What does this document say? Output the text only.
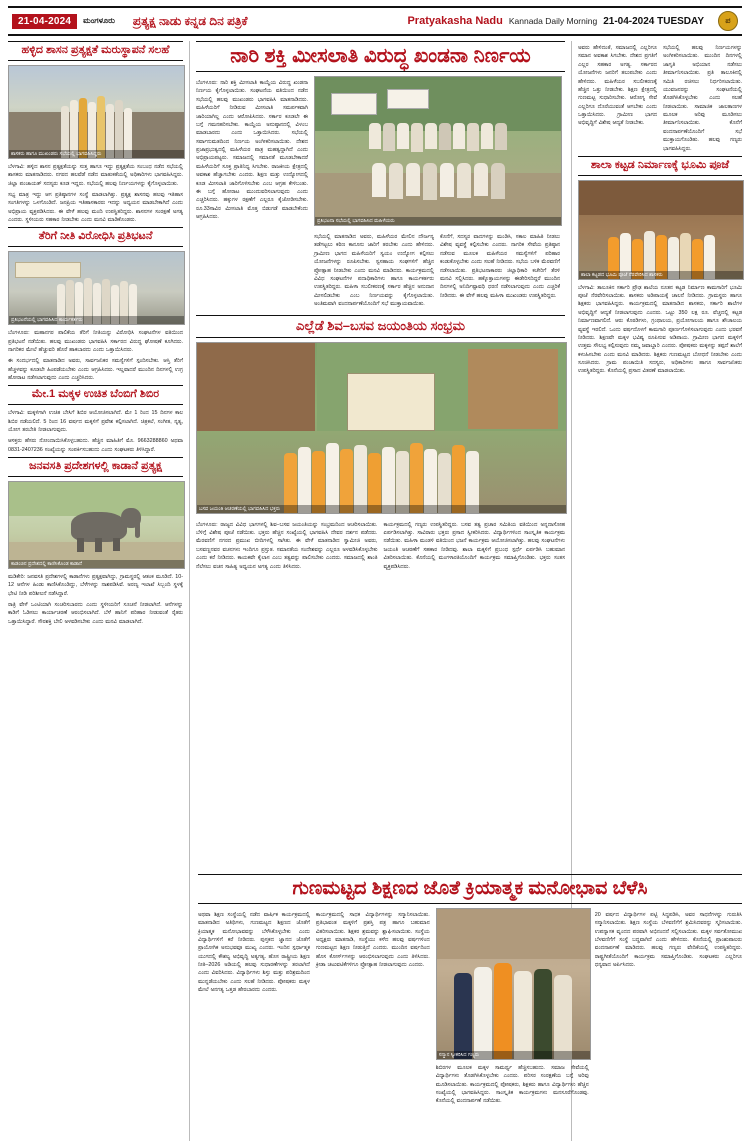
21-04-2024	ಮಂಗಳೂರು ಪ್ರತ್ಯಕ್ಷ ನಾಡು ಕನ್ನಡ ದಿನ ಪತ್ರಿಕೆ	Pratyakasha Nadu Kannada Daily Morning 21-04-2024 TUESDAY	ಪ
ಹಳ್ಳಿದ ಶಾಸನ ಪ್ರತ್ಯಕ್ಷತೆ ಮರುಸ್ಥಾಪನೆ ಸಲಹೆ
ಶಾಸಕರು ಹಾಗೂ ಮುಖಂಡರು ಸಭೆಯಲ್ಲಿ ಭಾಗವಹಿಸಿದ್ದರು
ಬೆಳಗಾವಿ: ಹಳ್ಳಿದ ಶಾಸನ ಪ್ರತ್ಯಕ್ಷತೆಯನ್ನು ಸುತ್ತ ಹಾಗೂ ಇದ್ದು ಪ್ರತ್ಯಕ್ಷತೆಯ ಸಂಬಂಧ ನಡೆದ ಸಭೆಯಲ್ಲಿ ಶಾಸಕರು ಮಾತನಾಡಿದರು. ನಗರದ ಹಲವೆಡೆ ನಡೆದ ಮಾತುಕತೆಯಲ್ಲಿ ಅಧಿಕಾರಿಗಳು ಭಾಗವಹಿಸಿದ್ದರು. ಜಿಲ್ಲಾ ಪಂಚಾಯತ್ ಸದಸ್ಯರು ಕೂಡ ಇದ್ದರು. ಸಭೆಯಲ್ಲಿ ಹಲವು ನಿರ್ಣಯಗಳನ್ನು ಕೈಗೊಳ್ಳಲಾಯಿತು.
ಸಭ್ಯ ಮಾತ್ರ ಇದ್ದು ಆಗ ಪ್ರತಿಷ್ಠಾನಗಳ ಸಂಸ್ಥೆ ಮಾಡಲಾಗಿತ್ತು. ಪ್ರತ್ಯಕ್ಷ ಶಾಸನವು ಹಲವು ಇತಿಹಾಸ ಸಂಗತಿಗಳನ್ನು ಒಳಗೊಂಡಿದೆ. ಜನಪ್ರಿಯ ಇತಿಹಾಸಕಾರರು ಇದನ್ನು ಅಧ್ಯಯನ ಮಾಡಬೇಕಾಗಿದೆ ಎಂದು ಅಭಿಪ್ರಾಯ ವ್ಯಕ್ತಪಡಿಸಿದರು. ಈ ವೇಳೆ ಹಲವು ಮಂದಿ ಉಪಸ್ಥಿತರಿದ್ದರು. ಶಾಸನಗಳ ಸಂರಕ್ಷಣೆ ಅಗತ್ಯ ಎಂದರು. ಸ್ಥಳೀಯರು ಸಹಕಾರ ನೀಡಬೇಕು ಎಂದು ಮನವಿ ಮಾಡಿಕೊಂಡರು.
ತೆರಿಗೆ ನೀತಿ ವಿರೋಧಿಸಿ ಪ್ರತಿಭಟನೆ
ಪ್ರತಿಭಟನೆಯಲ್ಲಿ ಭಾಗವಹಿಸಿದ ಕಾರ್ಯಕರ್ತರು
ಬೆಂಗಳೂರು: ಮಹಾನಗರ ಪಾಲಿಕೆಯ ತೆರಿಗೆ ನೀತಿಯನ್ನು ವಿರೋಧಿಸಿ ಸಂಘಟನೆಗಳ ವತಿಯಿಂದ ಪ್ರತಿಭಟನೆ ನಡೆಯಿತು. ಹಲವು ಮುಖಂಡರು ಭಾಗವಹಿಸಿ ಸರ್ಕಾರದ ವಿರುದ್ಧ ಘೋಷಣೆ ಕೂಗಿದರು. ನಾಗರಿಕರ ಮೇಲೆ ಹೆಚ್ಚುವರಿ ಹೊರೆ ಹಾಕಬಾರದು ಎಂದು ಒತ್ತಾಯಿಸಿದರು.
ಈ ಸಂದರ್ಭದಲ್ಲಿ ಮಾತನಾಡಿದ ಅವರು, ಸಾರ್ವಜನಿಕರ ಸಮಸ್ಯೆಗಳಿಗೆ ಸ್ಪಂದಿಸಬೇಕು. ಆಸ್ತಿ ತೆರಿಗೆ ಹೆಚ್ಚಳವನ್ನು ಕೂಡಲೇ ಹಿಂಪಡೆಯಬೇಕು ಎಂದು ಆಗ್ರಹಿಸಿದರು. ಇಲ್ಲವಾದರೆ ಮುಂದಿನ ದಿನಗಳಲ್ಲಿ ಉಗ್ರ ಹೋರಾಟ ನಡೆಸಲಾಗುವುದು ಎಂದು ಎಚ್ಚರಿಸಿದರು.
ಮೇ.1 ಮಕ್ಕಳ ಉಚಿತ ಬೆಂಬಿಗೆ ಶಿಬಿರ
ಬೆಳಗಾವಿ: ಮಕ್ಕಳಿಗಾಗಿ ಉಚಿತ ಬೇಸಿಗೆ ಶಿಬಿರ ಆಯೋಜಿಸಲಾಗಿದೆ. ಮೇ 1 ರಿಂದ 15 ದಿನಗಳ ಕಾಲ ಶಿಬಿರ ನಡೆಯಲಿದೆ. 5 ರಿಂದ 16 ವರ್ಷದ ಮಕ್ಕಳಿಗೆ ಪ್ರವೇಶ ಕಲ್ಪಿಸಲಾಗಿದೆ. ಚಿತ್ರಕಲೆ, ಸಂಗೀತ, ನೃತ್ಯ, ಯೋಗ ತರಬೇತಿ ನೀಡಲಾಗುವುದು.
ಆಸಕ್ತರು ಹೆಸರು ನೋಂದಾಯಿಸಿಕೊಳ್ಳಬಹುದು. ಹೆಚ್ಚಿನ ಮಾಹಿತಿಗೆ ಮೊ. 9663288860 ಅಥವಾ 0831-2407236 ಸಂಖ್ಯೆಯನ್ನು ಸಂಪರ್ಕಿಸಬಹುದು ಎಂದು ಸಂಘಟಕರು ತಿಳಿಸಿದ್ದಾರೆ.
ಜನವಸತಿ ಪ್ರದೇಶಗಳಲ್ಲಿ ಕಾಡಾನೆ ಪ್ರತ್ಯಕ್ಷ
ಕಾಡಂಚಿನ ಪ್ರದೇಶದಲ್ಲಿ ಕಾಣಿಸಿಕೊಂಡ ಕಾಡಾನೆ
ಮಡಿಕೇರಿ: ಜನವಸತಿ ಪ್ರದೇಶಗಳಲ್ಲಿ ಕಾಡಾನೆಗಳು ಪ್ರತ್ಯಕ್ಷವಾಗಿದ್ದು, ಗ್ರಾಮಸ್ಥರಲ್ಲಿ ಆತಂಕ ಮೂಡಿದೆ. 10-12 ಆನೆಗಳ ಹಿಂಡು ಕಾಣಿಸಿಕೊಂಡಿದ್ದು, ಬೆಳೆಗಳನ್ನು ನಾಶಪಡಿಸಿವೆ. ಅರಣ್ಯ ಇಲಾಖೆ ಸಿಬ್ಬಂದಿ ಸ್ಥಳಕ್ಕೆ ಭೇಟಿ ನೀಡಿ ಪರಿಶೀಲನೆ ನಡೆಸಿದ್ದಾರೆ.
ರಾತ್ರಿ ವೇಳೆ ಒಂಟಿಯಾಗಿ ಸಂಚರಿಸಬಾರದು ಎಂದು ಸ್ಥಳೀಯರಿಗೆ ಸೂಚನೆ ನೀಡಲಾಗಿದೆ. ಆನೆಗಳನ್ನು ಕಾಡಿಗೆ ಓಡಿಸಲು ಕಾರ್ಯಾಚರಣೆ ಆರಂಭಿಸಲಾಗಿದೆ. ಬೆಳೆ ಹಾನಿಗೆ ಪರಿಹಾರ ನೀಡುವಂತೆ ರೈತರು ಒತ್ತಾಯಿಸಿದ್ದಾರೆ. ಸೌರಶಕ್ತಿ ಬೇಲಿ ಅಳವಡಿಸಬೇಕು ಎಂದು ಮನವಿ ಮಾಡಲಾಗಿದೆ.
ನಾರಿ ಶಕ್ತಿ ಮೀಸಲಾತಿ ವಿರುದ್ಧ ಖಂಡನಾ ನಿರ್ಣಯ
ಬೆಂಗಳೂರು: ನಾರಿ ಶಕ್ತಿ ಮೀಸಲಾತಿ ಕಾಯ್ದೆಯ ವಿರುದ್ಧ ಖಂಡನಾ ನಿರ್ಣಯ ಕೈಗೊಳ್ಳಲಾಯಿತು. ಸಂಘಟನೆಯ ವತಿಯಿಂದ ನಡೆದ ಸಭೆಯಲ್ಲಿ ಹಲವು ಮುಖಂಡರು ಭಾಗವಹಿಸಿ ಮಾತನಾಡಿದರು. ಮಹಿಳೆಯರಿಗೆ ನೀಡಿರುವ ಮೀಸಲಾತಿ ಸಮರ್ಪಕವಾಗಿ ಜಾರಿಯಾಗಿಲ್ಲ ಎಂದು ಆರೋಪಿಸಿದರು. ಸರ್ಕಾರ ಕೂಡಲೇ ಈ ಬಗ್ಗೆ ಗಮನಹರಿಸಬೇಕು. ಕಾಯ್ದೆಯ ಅನುಷ್ಠಾನದಲ್ಲಿ ವಿಳಂಬ ಮಾಡಬಾರದು ಎಂದು ಒತ್ತಾಯಿಸಿದರು. ಸಭೆಯಲ್ಲಿ ಸರ್ವಾನುಮತದಿಂದ ನಿರ್ಣಯ ಅಂಗೀಕರಿಸಲಾಯಿತು. ದೇಶದ ಪ್ರಜಾಪ್ರಭುತ್ವದಲ್ಲಿ ಮಹಿಳೆಯರ ಪಾತ್ರ ಮಹತ್ವದ್ದಾಗಿದೆ ಎಂದು ಅಭಿಪ್ರಾಯಪಟ್ಟರು. ಸಮಾಜದಲ್ಲಿ ಸಮಾನತೆ ಮೂಡಬೇಕಾದರೆ ಮಹಿಳೆಯರಿಗೆ ಸೂಕ್ತ ಪ್ರಾತಿನಿಧ್ಯ ಸಿಗಬೇಕು. ರಾಜಕೀಯ ಕ್ಷೇತ್ರದಲ್ಲಿ ಅವಕಾಶ ಹೆಚ್ಚಾಗಬೇಕು ಎಂದರು. ಶಿಕ್ಷಣ ಮತ್ತು ಉದ್ಯೋಗದಲ್ಲಿ ಕೂಡ ಮೀಸಲಾತಿ ಜಾರಿಗೊಳಿಸಬೇಕು ಎಂಬ ಆಗ್ರಹ ಕೇಳಿಬಂತು. ಈ ಬಗ್ಗೆ ಹೋರಾಟ ಮುಂದುವರಿಸಲಾಗುವುದು ಎಂದು ಎಚ್ಚರಿಸಿದರು. ಹಕ್ಕುಗಳ ರಕ್ಷಣೆಗೆ ಎಲ್ಲರೂ ಕೈಜೋಡಿಸಬೇಕು. ರೂ.33ಸಾವಿರ ಮೀಸಲಾತಿ ಮೊತ್ತ ಬಿಡುಗಡೆ ಮಾಡಬೇಕೆಂದು ಆಗ್ರಹಿಸಿದರು.
ಪ್ರತಿಭಟನಾ ಸಭೆಯಲ್ಲಿ ಭಾಗವಹಿಸಿದ ಮಹಿಳೆಯರು
ಸಭೆಯಲ್ಲಿ ಮಾತನಾಡಿದ ಅವರು, ಮಹಿಳೆಯರ ಮೇಲಿನ ದೌರ್ಜನ್ಯ ತಡೆಗಟ್ಟಲು ಕಠಿಣ ಕಾನೂನು ಜಾರಿಗೆ ತರಬೇಕು ಎಂದು ಹೇಳಿದರು. ಗ್ರಾಮೀಣ ಭಾಗದ ಮಹಿಳೆಯರಿಗೆ ಸ್ವಯಂ ಉದ್ಯೋಗ ಕಲ್ಪಿಸಲು ಯೋಜನೆಗಳನ್ನು ರೂಪಿಸಬೇಕು. ಸ್ವಸಹಾಯ ಸಂಘಗಳಿಗೆ ಹೆಚ್ಚಿನ ಪ್ರೋತ್ಸಾಹ ನೀಡಬೇಕು ಎಂದು ಮನವಿ ಮಾಡಿದರು. ಕಾರ್ಯಕ್ರಮದಲ್ಲಿ ವಿವಿಧ ಸಂಘಟನೆಗಳ ಪದಾಧಿಕಾರಿಗಳು ಹಾಗೂ ಕಾರ್ಯಕರ್ತರು ಉಪಸ್ಥಿತರಿದ್ದರು. ಮಹಿಳಾ ಸಬಲೀಕರಣಕ್ಕೆ ಸರ್ಕಾರ ಹೆಚ್ಚಿನ ಅನುದಾನ ಮೀಸಲಿಡಬೇಕು ಎಂಬ ನಿರ್ಣಯವನ್ನು ಕೈಗೊಳ್ಳಲಾಯಿತು. ಅಂತಿಮವಾಗಿ ವಂದನಾರ್ಪಣೆಯೊಂದಿಗೆ ಸಭೆ ಮುಕ್ತಾಯವಾಯಿತು.
ಕೊನೆಗೆ, ಸದಸ್ಯರ ವಾದಗಳನ್ನು ಮಂಡಿಸಿ, ಸಕಾಲ ಮಾಹಿತಿ ನೀಡಲು ವಿಶೇಷ ವ್ಯವಸ್ಥೆ ಕಲ್ಪಿಸಬೇಕು ಎಂದರು. ನಾಗರಿಕ ಸೇವೆಯ ಪ್ರತಿಷ್ಠಾನ ನಡೆಸುವ ಮೂಲಕ ಮಹಿಳೆಯರ ಸಮಸ್ಯೆಗಳಿಗೆ ಪರಿಹಾರ ಕಂಡುಕೊಳ್ಳಬೇಕು ಎಂದು ಸಲಹೆ ನೀಡಿದರು. ಸಭೆಯ ಬಳಿಕ ಮೆರವಣಿಗೆ ನಡೆಸಲಾಯಿತು. ಪ್ರತಿಭಟನಾಕಾರರು ಜಿಲ್ಲಾಧಿಕಾರಿ ಕಚೇರಿಗೆ ತೆರಳಿ ಮನವಿ ಸಲ್ಲಿಸಿದರು. ಹಕ್ಕೊತ್ತಾಯಗಳನ್ನು ಈಡೇರಿಸದಿದ್ದರೆ ಮುಂದಿನ ದಿನಗಳಲ್ಲಿ ಅನಿರ್ದಿಷ್ಟಾವಧಿ ಧರಣಿ ನಡೆಸಲಾಗುವುದು ಎಂದು ಎಚ್ಚರಿಕೆ ನೀಡಿದರು. ಈ ವೇಳೆ ಹಲವು ಮಹಿಳಾ ಮುಖಂಡರು ಉಪಸ್ಥಿತರಿದ್ದರು.
ಎಲ್ಲೆಡೆ ಶಿವ–ಬಸವ ಜಯಂತಿಯ ಸಂಭ್ರಮ
ಬಸವ ಜಯಂತಿ ಆಚರಣೆಯಲ್ಲಿ ಭಾಗವಹಿಸಿದ ಭಕ್ತರು
ಬೆಂಗಳೂರು: ರಾಜ್ಯದ ವಿವಿಧ ಭಾಗಗಳಲ್ಲಿ ಶಿವ–ಬಸವ ಜಯಂತಿಯನ್ನು ಸಂಭ್ರಮದಿಂದ ಆಚರಿಸಲಾಯಿತು. ಬೆಳಿಗ್ಗೆ ವಿಶೇಷ ಪೂಜೆ ನಡೆಯಿತು. ಭಕ್ತರು ಹೆಚ್ಚಿನ ಸಂಖ್ಯೆಯಲ್ಲಿ ಭಾಗವಹಿಸಿ ದೇವರ ದರ್ಶನ ಪಡೆದರು. ಮೆರವಣಿಗೆ ನಗರದ ಪ್ರಮುಖ ಬೀದಿಗಳಲ್ಲಿ ಸಾಗಿತು. ಈ ವೇಳೆ ಮಾತನಾಡಿದ ಸ್ವಾಮೀಜಿ ಅವರು, ಬಸವಣ್ಣನವರ ವಚನಗಳು ಇಂದಿಗೂ ಪ್ರಸ್ತುತ. ಸಮಾನತೆಯ ಸಂದೇಶವನ್ನು ಎಲ್ಲರೂ ಅಳವಡಿಸಿಕೊಳ್ಳಬೇಕು ಎಂದು ಕರೆ ನೀಡಿದರು. ಕಾಯಕವೇ ಕೈಲಾಸ ಎಂಬ ತತ್ವವನ್ನು ಪಾಲಿಸಬೇಕು ಎಂದರು. ಸಮಾಜದಲ್ಲಿ ಶಾಂತಿ ನೆಲೆಸಲು ವಚನ ಸಾಹಿತ್ಯ ಅಧ್ಯಯನ ಅಗತ್ಯ ಎಂದು ತಿಳಿಸಿದರು.
ಕಾರ್ಯಕ್ರಮದಲ್ಲಿ ಗಣ್ಯರು ಉಪಸ್ಥಿತರಿದ್ದರು. ಬಸವ ತತ್ವ ಪ್ರಚಾರ ಸಮಿತಿಯ ವತಿಯಿಂದ ಅನ್ನದಾಸೋಹ ಏರ್ಪಡಿಸಲಾಗಿತ್ತು. ಸಾವಿರಾರು ಭಕ್ತರು ಪ್ರಸಾದ ಸ್ವೀಕರಿಸಿದರು. ವಿದ್ಯಾರ್ಥಿಗಳಿಂದ ಸಾಂಸ್ಕೃತಿಕ ಕಾರ್ಯಕ್ರಮ ನಡೆಯಿತು. ಮಹಿಳಾ ಮಂಡಳಿ ವತಿಯಿಂದ ಭಜನೆ ಕಾರ್ಯಕ್ರಮ ಆಯೋಜಿಸಲಾಗಿತ್ತು. ಹಲವು ಸಂಘಟನೆಗಳು ಜಯಂತಿ ಆಚರಣೆಗೆ ಸಹಕಾರ ನೀಡಿದವು. ಶಾಲಾ ಮಕ್ಕಳಿಗೆ ಪ್ರಬಂಧ ಸ್ಪರ್ಧೆ ಏರ್ಪಡಿಸಿ ಬಹುಮಾನ ವಿತರಿಸಲಾಯಿತು. ಕೊನೆಯಲ್ಲಿ ಮಂಗಳಾರತಿಯೊಂದಿಗೆ ಕಾರ್ಯಕ್ರಮ ಸಮಾಪ್ತಿಗೊಂಡಿತು. ಭಕ್ತರು ಸಂತಸ ವ್ಯಕ್ತಪಡಿಸಿದರು.
ಅವರು ಹೇಳಿದಂತೆ, ಸಮಾಜದಲ್ಲಿ ಎಲ್ಲರಿಗೂ ಸಮಾನ ಅವಕಾಶ ಸಿಗಬೇಕು. ದೇಶದ ಪ್ರಗತಿಗೆ ಎಲ್ಲರ ಸಹಕಾರ ಅಗತ್ಯ. ಸರ್ಕಾರದ ಯೋಜನೆಗಳು ಜನರಿಗೆ ತಲುಪಬೇಕು ಎಂದು ಹೇಳಿದರು. ಮಹಿಳೆಯರ ಸಬಲೀಕರಣಕ್ಕೆ ಹೆಚ್ಚಿನ ಒತ್ತು ನೀಡಬೇಕು. ಶಿಕ್ಷಣ ಕ್ಷೇತ್ರದಲ್ಲಿ ಗುಣಮಟ್ಟ ಸುಧಾರಿಸಬೇಕು. ಆರೋಗ್ಯ ಸೇವೆ ಎಲ್ಲರಿಗೂ ದೊರೆಯುವಂತೆ ಆಗಬೇಕು ಎಂದು ಒತ್ತಾಯಿಸಿದರು. ಗ್ರಾಮೀಣ ಭಾಗದ ಅಭಿವೃದ್ಧಿಗೆ ವಿಶೇಷ ಆದ್ಯತೆ ನೀಡಬೇಕು.
ಸಭೆಯಲ್ಲಿ ಹಲವು ನಿರ್ಣಯಗಳನ್ನು ಅಂಗೀಕರಿಸಲಾಯಿತು. ಮುಂದಿನ ದಿನಗಳಲ್ಲಿ ಜಾಗೃತಿ ಅಭಿಯಾನ ನಡೆಸಲು ತೀರ್ಮಾನಿಸಲಾಯಿತು. ಪ್ರತಿ ತಾಲೂಕಿನಲ್ಲಿ ಸಮಿತಿ ರಚಿಸಲು ನಿರ್ಧರಿಸಲಾಯಿತು. ಯುವಜನರನ್ನು ಸಂಘಟನೆಯಲ್ಲಿ ತೊಡಗಿಸಿಕೊಳ್ಳಬೇಕು ಎಂದು ಸಲಹೆ ನೀಡಲಾಯಿತು. ಸಾಮಾಜಿಕ ಜಾಲತಾಣಗಳ ಮೂಲಕ ಅರಿವು ಮೂಡಿಸಲು ತೀರ್ಮಾನಿಸಲಾಯಿತು. ಕೊನೆಗೆ ವಂದನಾರ್ಪಣೆಯೊಂದಿಗೆ ಸಭೆ ಮುಕ್ತಾಯಗೊಂಡಿತು. ಹಲವು ಗಣ್ಯರು ಭಾಗವಹಿಸಿದ್ದರು.
ಶಾಲಾ ಕಟ್ಟಡ ನಿರ್ಮಾಣಕ್ಕೆ ಭೂಮಿ ಪೂಜೆ
ಶಾಲಾ ಕಟ್ಟಡದ ಭೂಮಿ ಪೂಜೆ ನೆರವೇರಿಸಿದ ಶಾಸಕರು
ಬೆಳಗಾವಿ: ತಾಲೂಕಿನ ಸರ್ಕಾರಿ ಪ್ರೌಢ ಶಾಲೆಯ ನೂತನ ಕಟ್ಟಡ ನಿರ್ಮಾಣ ಕಾಮಗಾರಿಗೆ ಭೂಮಿ ಪೂಜೆ ನೆರವೇರಿಸಲಾಯಿತು. ಶಾಸಕರು ಅಡಿಪಾಯಕ್ಕೆ ಚಾಲನೆ ನೀಡಿದರು. ಗ್ರಾಮಸ್ಥರು ಹಾಗೂ ಶಿಕ್ಷಕರು ಭಾಗವಹಿಸಿದ್ದರು. ಕಾರ್ಯಕ್ರಮದಲ್ಲಿ ಮಾತನಾಡಿದ ಶಾಸಕರು, ಸರ್ಕಾರಿ ಶಾಲೆಗಳ ಅಭಿವೃದ್ಧಿಗೆ ಆದ್ಯತೆ ನೀಡಲಾಗುವುದು ಎಂದರು. ಒಟ್ಟು 350 ಲಕ್ಷ ರೂ. ವೆಚ್ಚದಲ್ಲಿ ಕಟ್ಟಡ ನಿರ್ಮಾಣವಾಗಲಿದೆ. ಆರು ಕೊಠಡಿಗಳು, ಗ್ರಂಥಾಲಯ, ಪ್ರಯೋಗಾಲಯ ಹಾಗೂ ಶೌಚಾಲಯ ವ್ಯವಸ್ಥೆ ಇರಲಿದೆ. ಒಂದು ವರ್ಷದೊಳಗೆ ಕಾಮಗಾರಿ ಪೂರ್ಣಗೊಳಿಸಲಾಗುವುದು ಎಂದು ಭರವಸೆ ನೀಡಿದರು. ಶಿಕ್ಷಣವೇ ಮಕ್ಕಳ ಭವಿಷ್ಯ ರೂಪಿಸುವ ಅಡಿಪಾಯ. ಗ್ರಾಮೀಣ ಭಾಗದ ಮಕ್ಕಳಿಗೆ ಉತ್ತಮ ಸೌಲಭ್ಯ ಕಲ್ಪಿಸುವುದು ನಮ್ಮ ಜವಾಬ್ದಾರಿ ಎಂದರು. ಪೋಷಕರು ಮಕ್ಕಳನ್ನು ತಪ್ಪದೆ ಶಾಲೆಗೆ ಕಳುಹಿಸಬೇಕು ಎಂದು ಮನವಿ ಮಾಡಿದರು. ಶಿಕ್ಷಕರು ಗುಣಮಟ್ಟದ ಬೋಧನೆ ನೀಡಬೇಕು ಎಂದು ಸೂಚಿಸಿದರು. ಗ್ರಾಮ ಪಂಚಾಯಿತಿ ಸದಸ್ಯರು, ಅಧಿಕಾರಿಗಳು ಹಾಗೂ ಸಾರ್ವಜನಿಕರು ಉಪಸ್ಥಿತರಿದ್ದರು. ಕೊನೆಯಲ್ಲಿ ಪ್ರಸಾದ ವಿತರಣೆ ಮಾಡಲಾಯಿತು.
ಗುಣಮಟ್ಟದ ಶಿಕ್ಷಣದ ಜೊತೆ ಕ್ರಿಯಾತ್ಮಕ ಮನೋಭಾವ ಬೆಳೆಸಿ
ಅಥವಾ ಶಿಕ್ಷಣ ಸಂಸ್ಥೆಯಲ್ಲಿ ನಡೆದ ವಾರ್ಷಿಕ ಕಾರ್ಯಕ್ರಮದಲ್ಲಿ ಮಾತನಾಡಿದ ಅತಿಥಿಗಳು, ಗುಣಮಟ್ಟದ ಶಿಕ್ಷಣದ ಜೊತೆಗೆ ಕ್ರಿಯಾತ್ಮಕ ಮನೋಭಾವವನ್ನು ಬೆಳೆಸಿಕೊಳ್ಳಬೇಕು ಎಂದು ವಿದ್ಯಾರ್ಥಿಗಳಿಗೆ ಕರೆ ನೀಡಿದರು. ಪುಸ್ತಕದ ಜ್ಞಾನದ ಜೊತೆಗೆ ಪ್ರಾಯೋಗಿಕ ಅನುಭವವೂ ಮುಖ್ಯ ಎಂದರು. ಇಂದಿನ ಸ್ಪರ್ಧಾತ್ಮಕ ಯುಗದಲ್ಲಿ ಕೌಶಲ್ಯ ಅಭಿವೃದ್ಧಿ ಅತ್ಯಗತ್ಯ. ಹೊಸ ರಾಷ್ಟ್ರೀಯ ಶಿಕ್ಷಣ ನೀತಿ–2026 ಅಡಿಯಲ್ಲಿ ಹಲವು ಸುಧಾರಣೆಗಳನ್ನು ತರಲಾಗಿದೆ ಎಂದು ವಿವರಿಸಿದರು. ವಿದ್ಯಾರ್ಥಿಗಳು ಶಿಸ್ತು ಮತ್ತು ಪರಿಶ್ರಮದಿಂದ ಮುನ್ನಡೆಯಬೇಕು ಎಂದು ಸಲಹೆ ನೀಡಿದರು. ಪೋಷಕರು ಮಕ್ಕಳ ಮೇಲೆ ಅನಗತ್ಯ ಒತ್ತಡ ಹೇರಬಾರದು ಎಂದರು.
ಕಾರ್ಯಕ್ರಮದಲ್ಲಿ ಸಾಧಕ ವಿದ್ಯಾರ್ಥಿಗಳನ್ನು ಸನ್ಮಾನಿಸಲಾಯಿತು. ಪ್ರತಿಭಾವಂತ ಮಕ್ಕಳಿಗೆ ಪ್ರಶಸ್ತಿ ಪತ್ರ ಹಾಗೂ ಬಹುಮಾನ ವಿತರಿಸಲಾಯಿತು. ಶಿಕ್ಷಕರ ಶ್ರಮವನ್ನು ಶ್ಲಾಘಿಸಲಾಯಿತು. ಸಂಸ್ಥೆಯ ಅಧ್ಯಕ್ಷರು ಮಾತನಾಡಿ, ಸಂಸ್ಥೆಯು ಕಳೆದ ಹಲವು ವರ್ಷಗಳಿಂದ ಗುಣಮಟ್ಟದ ಶಿಕ್ಷಣ ನೀಡುತ್ತಿದೆ ಎಂದರು. ಮುಂದಿನ ವರ್ಷದಿಂದ ಹೊಸ ಕೋರ್ಸ್‌ಗಳನ್ನು ಆರಂಭಿಸಲಾಗುವುದು ಎಂದು ತಿಳಿಸಿದರು. ಕ್ರೀಡಾ ಚಟುವಟಿಕೆಗಳಿಗೂ ಪ್ರೋತ್ಸಾಹ ನೀಡಲಾಗುವುದು ಎಂದರು.
ಸನ್ಮಾನ ಸ್ವೀಕರಿಸಿದ ಗಣ್ಯರು
ಶಿಬಿರಗಳ ಮೂಲಕ ಮಕ್ಕಳ ಸಾಮರ್ಥ್ಯ ಹೆಚ್ಚಿಸಬಹುದು. ಸಮಾಜ ಸೇವೆಯಲ್ಲಿ ವಿದ್ಯಾರ್ಥಿಗಳು ತೊಡಗಿಸಿಕೊಳ್ಳಬೇಕು ಎಂದರು. ಪರಿಸರ ಸಂರಕ್ಷಣೆಯ ಬಗ್ಗೆ ಅರಿವು ಮೂಡಿಸಲಾಯಿತು. ಕಾರ್ಯಕ್ರಮದಲ್ಲಿ ಪೋಷಕರು, ಶಿಕ್ಷಕರು ಹಾಗೂ ವಿದ್ಯಾರ್ಥಿಗಳು ಹೆಚ್ಚಿನ ಸಂಖ್ಯೆಯಲ್ಲಿ ಭಾಗವಹಿಸಿದ್ದರು. ಸಾಂಸ್ಕೃತಿಕ ಕಾರ್ಯಕ್ರಮಗಳು ಮನಸೂರೆಗೊಂಡವು. ಕೊನೆಯಲ್ಲಿ ವಂದನಾರ್ಪಣೆ ನಡೆಯಿತು.
20 ವರ್ಷದ ವಿದ್ಯಾರ್ಥಿಗಳ ಪಟ್ಟಿ ಸಿದ್ಧಪಡಿಸಿ, ಅವರ ಸಾಧನೆಗಳನ್ನು ಗುರುತಿಸಿ ಸನ್ಮಾನಿಸಲಾಯಿತು. ಶಿಕ್ಷಣ ಸಂಸ್ಥೆಯ ಬೆಳವಣಿಗೆಗೆ ಶ್ರಮಿಸಿದವರನ್ನು ಸ್ಮರಿಸಲಾಯಿತು. ಉಪನ್ಯಾಸಕ ವೃಂದದ ಪರವಾಗಿ ಅಭಿನಂದನೆ ಸಲ್ಲಿಸಲಾಯಿತು. ಮಕ್ಕಳ ಸರ್ವತೋಮುಖ ಬೆಳವಣಿಗೆಗೆ ಸಂಸ್ಥೆ ಬದ್ಧವಾಗಿದೆ ಎಂದು ಹೇಳಿದರು. ಕೊನೆಯಲ್ಲಿ ಪ್ರಾಂಶುಪಾಲರು ವಂದನಾರ್ಪಣೆ ಮಾಡಿದರು. ಹಲವು ಗಣ್ಯರು ವೇದಿಕೆಯಲ್ಲಿ ಉಪಸ್ಥಿತರಿದ್ದರು. ರಾಷ್ಟ್ರಗೀತೆಯೊಂದಿಗೆ ಕಾರ್ಯಕ್ರಮ ಸಮಾಪ್ತಿಗೊಂಡಿತು. ಸಂಘಟಕರು ಎಲ್ಲರಿಗೂ ಧನ್ಯವಾದ ಅರ್ಪಿಸಿದರು.
